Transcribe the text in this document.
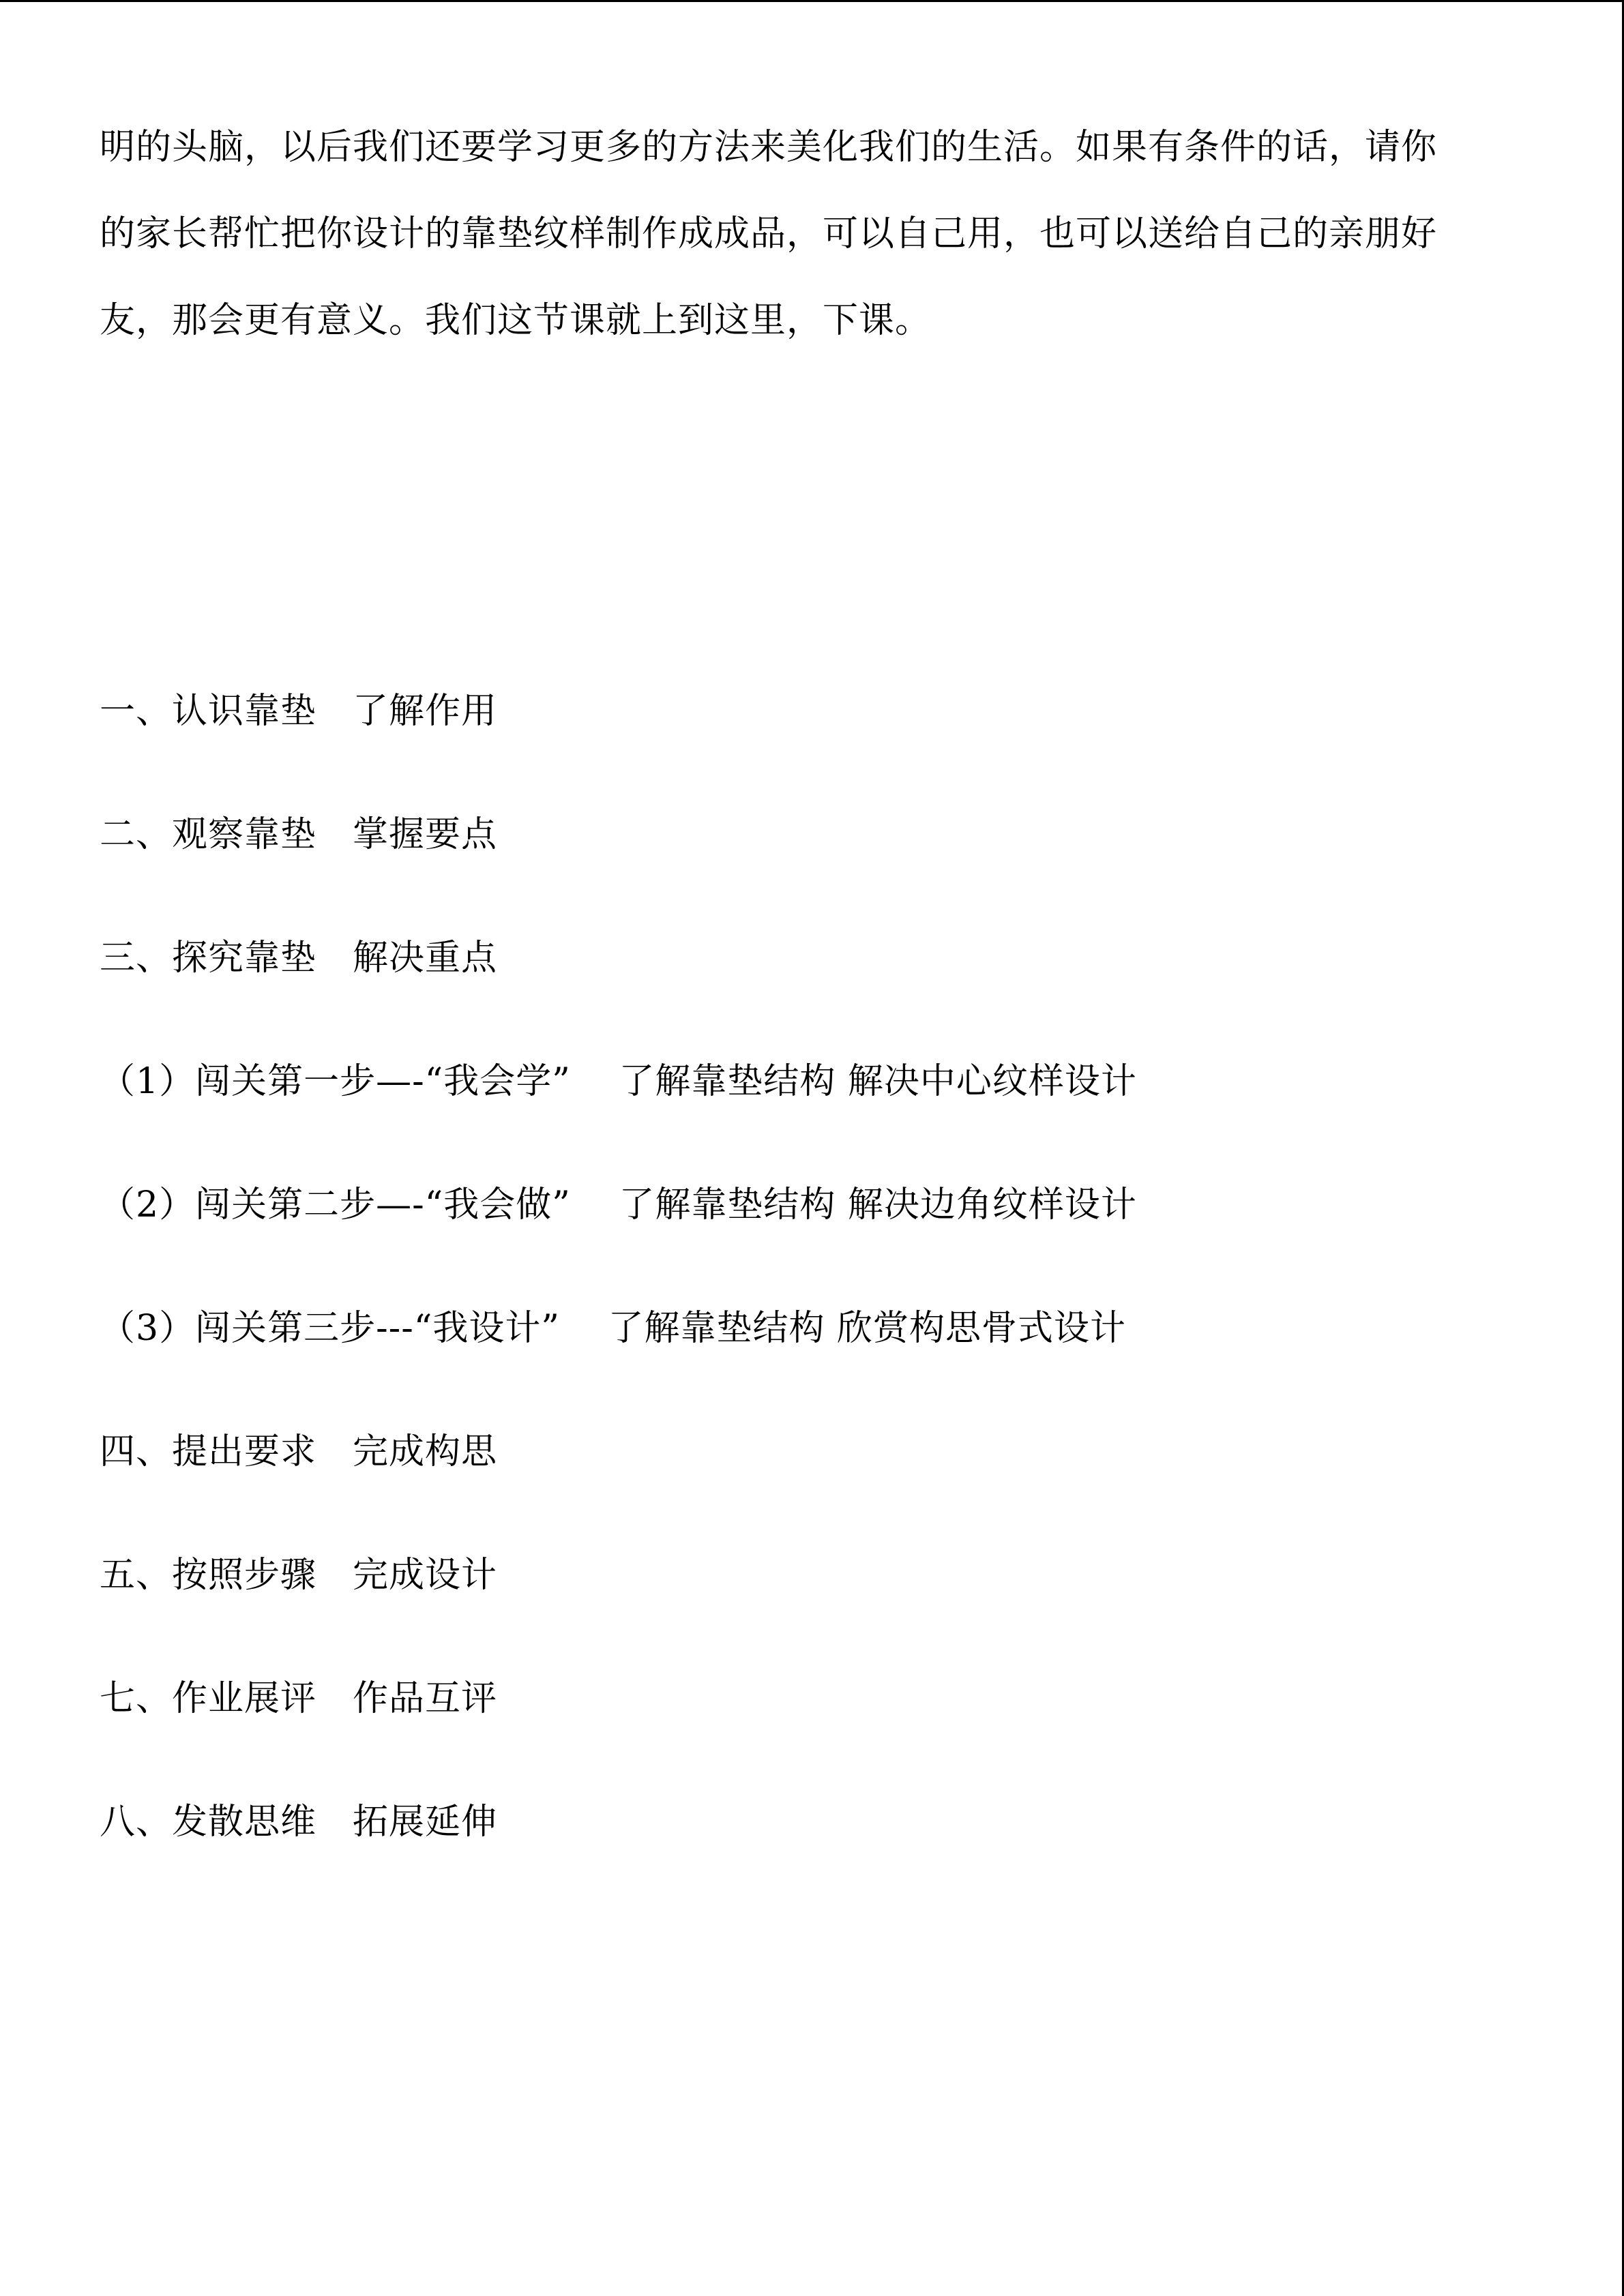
明的头脑，以后我们还要学习更多的方法来美化我们的生活。如果有条件的话，请你
的家长帮忙把你设计的靠垫纹样制作成成品，可以自己用，也可以送给自己的亲朋好
友，那会更有意义。我们这节课就上到这里，下课。
一、认识靠垫　了解作用
二、观察靠垫　掌握要点
三、探究靠垫　解决重点
（1）闯关第一步—-“我会学”　 了解靠垫结构 解决中心纹样设计
（2）闯关第二步—-“我会做”　 了解靠垫结构 解决边角纹样设计
（3）闯关第三步---“我设计”　 了解靠垫结构 欣赏构思骨式设计
四、提出要求　完成构思
五、按照步骤　完成设计
七、作业展评　作品互评
八、发散思维　拓展延伸
